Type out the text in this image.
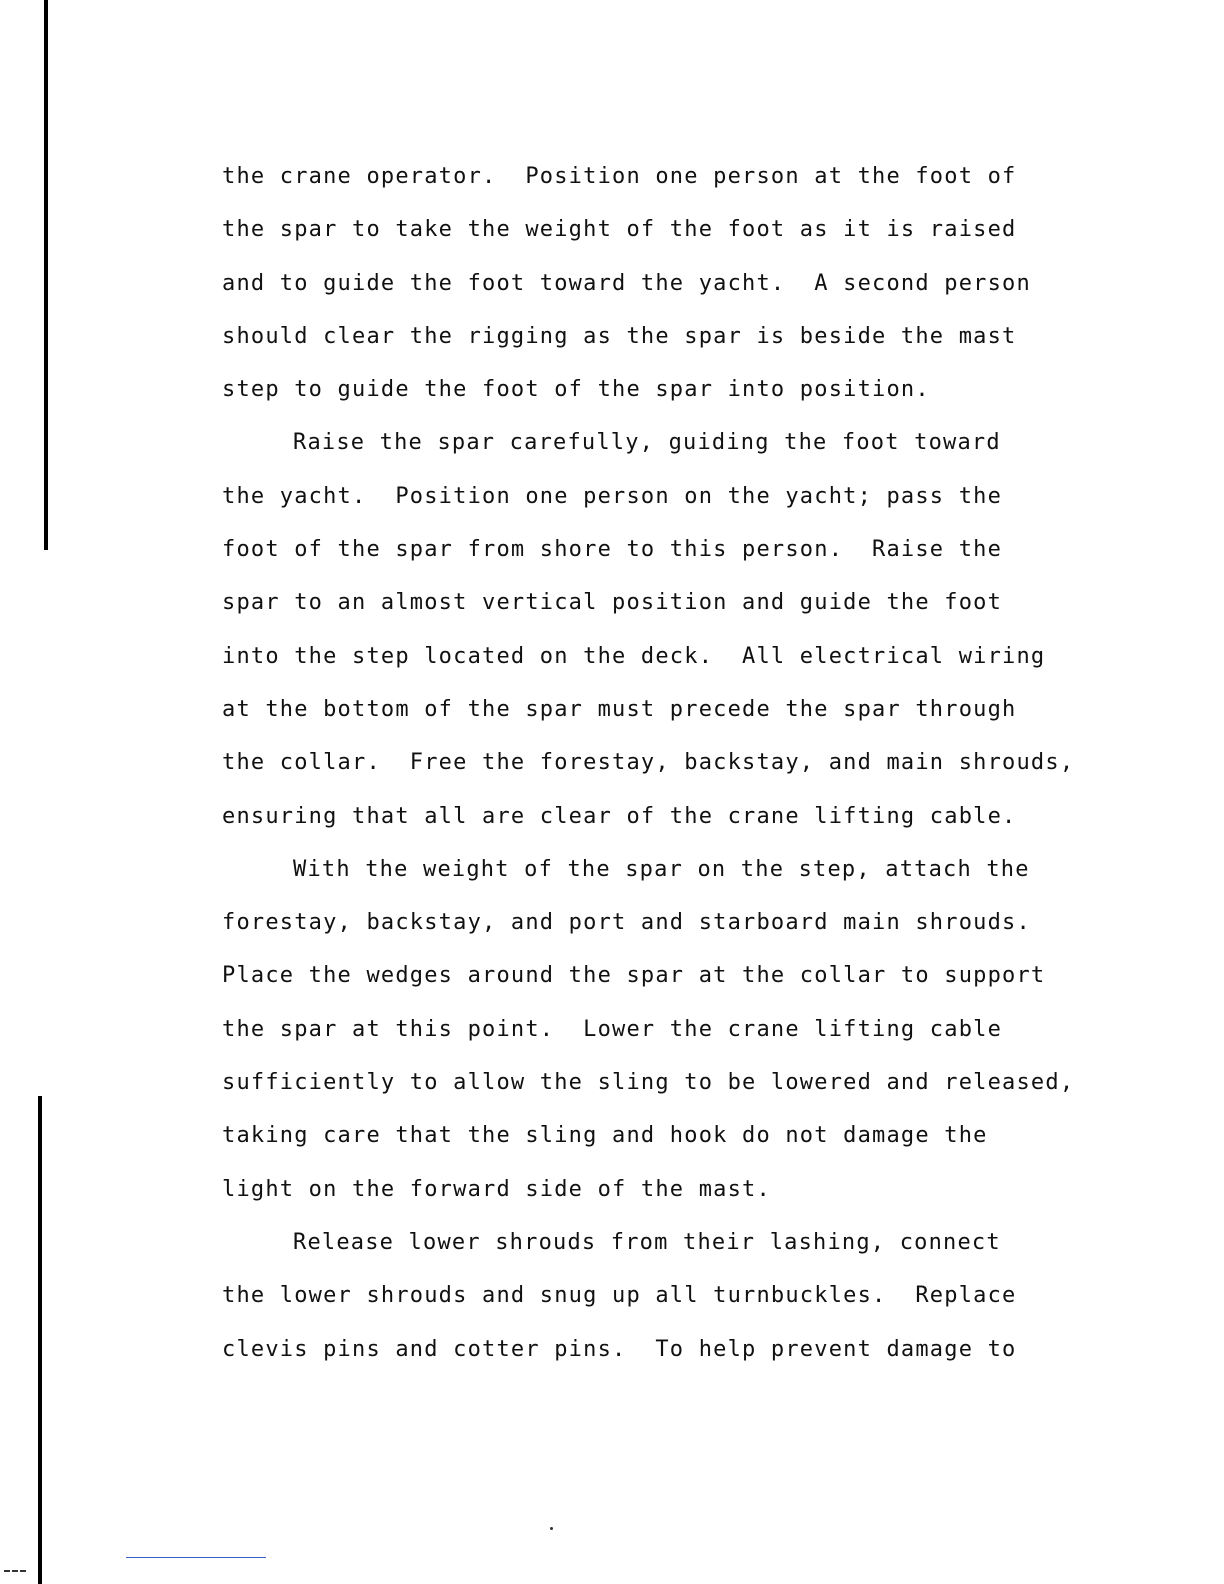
the crane operator.  Position one person at the foot of
the spar to take the weight of the foot as it is raised
and to guide the foot toward the yacht.  A second person
should clear the rigging as the spar is beside the mast
step to guide the foot of the spar into position.
Raise the spar carefully, guiding the foot toward
the yacht.  Position one person on the yacht; pass the
foot of the spar from shore to this person.  Raise the
spar to an almost vertical position and guide the foot
into the step located on the deck.  All electrical wiring
at the bottom of the spar must precede the spar through
the collar.  Free the forestay, backstay, and main shrouds,
ensuring that all are clear of the crane lifting cable.
With the weight of the spar on the step, attach the
forestay, backstay, and port and starboard main shrouds.
Place the wedges around the spar at the collar to support
the spar at this point.  Lower the crane lifting cable
sufficiently to allow the sling to be lowered and released,
taking care that the sling and hook do not damage the
light on the forward side of the mast.
Release lower shrouds from their lashing, connect
the lower shrouds and snug up all turnbuckles.  Replace
clevis pins and cotter pins.  To help prevent damage to
